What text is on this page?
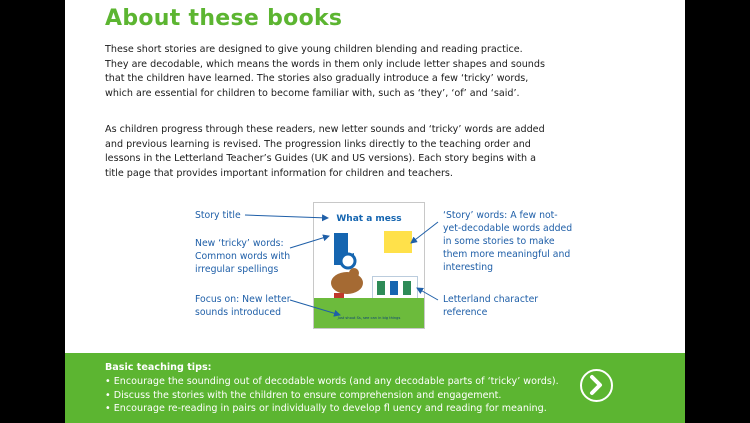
About these books

These short stories are designed to give young children blending and reading practice. They are decodable, which means the words in them only include letter shapes and sounds that the children have learned. The stories also gradually introduce a few ‘tricky’ words, which are essential for children to become familiar with, such as ‘they’, ‘of’ and ‘said’.

As children progress through these readers, new letter sounds and ‘tricky’ words are added and previous learning is revised. The progression links directly to the teaching order and lessons in the Letterland Teacher’s Guides (UK and US versions). Each story begins with a title page that provides important information for children and teachers.

What a mess

Just shout Ss, see can in big things

Story title

New ‘tricky’ words: Common words with irregular spellings

Focus on: New letter sounds introduced

‘Story’ words: A few not-yet-decodable words added in some stories to make them more meaningful and interesting

Letterland character reference

Basic teaching tips:

• Encourage the sounding out of decodable words (and any decodable parts of ‘tricky’ words).
• Discuss the stories with the children to ensure comprehension and engagement.
• Encourage re-reading in pairs or individually to develop fl uency and reading for meaning.
